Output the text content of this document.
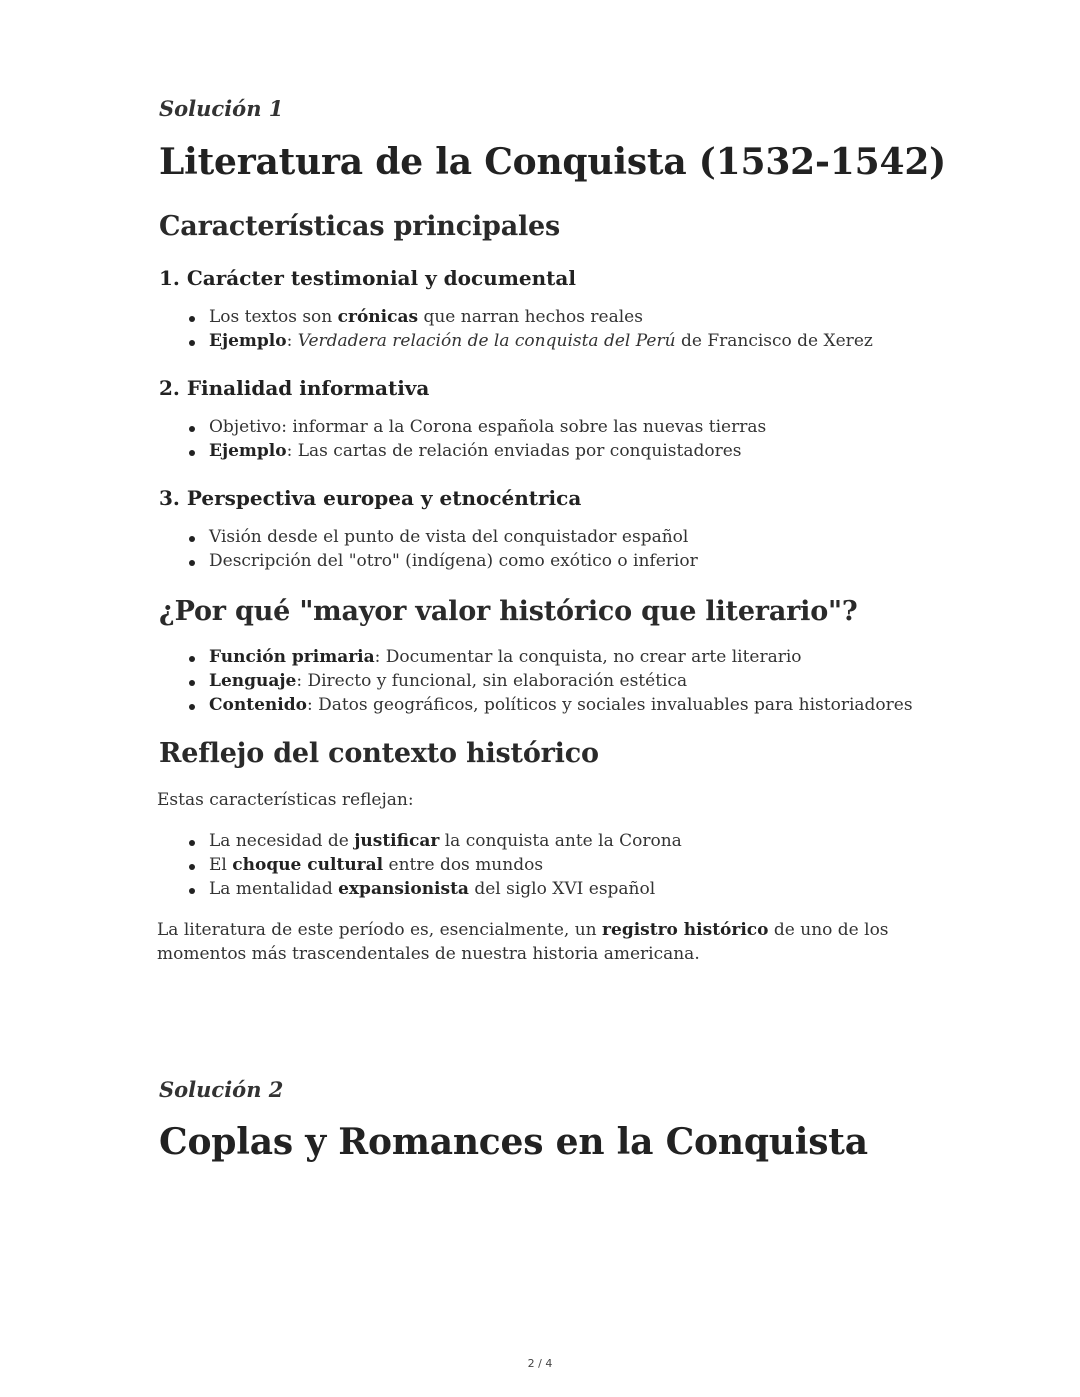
Solución 1
Literatura de la Conquista (1532-1542)
Características principales
1. Carácter testimonial y documental
Los textos son crónicas que narran hechos reales
Ejemplo: Verdadera relación de la conquista del Perú de Francisco de Xerez
2. Finalidad informativa
Objetivo: informar a la Corona española sobre las nuevas tierras
Ejemplo: Las cartas de relación enviadas por conquistadores
3. Perspectiva europea y etnocéntrica
Visión desde el punto de vista del conquistador español
Descripción del "otro" (indígena) como exótico o inferior
¿Por qué "mayor valor histórico que literario"?
Función primaria: Documentar la conquista, no crear arte literario
Lenguaje: Directo y funcional, sin elaboración estética
Contenido: Datos geográficos, políticos y sociales invaluables para historiadores
Reflejo del contexto histórico
Estas características reflejan:
La necesidad de justificar la conquista ante la Corona
El choque cultural entre dos mundos
La mentalidad expansionista del siglo XVI español
La literatura de este período es, esencialmente, un registro histórico de uno de los
momentos más trascendentales de nuestra historia americana.
Solución 2
Coplas y Romances en la Conquista
2 / 4
